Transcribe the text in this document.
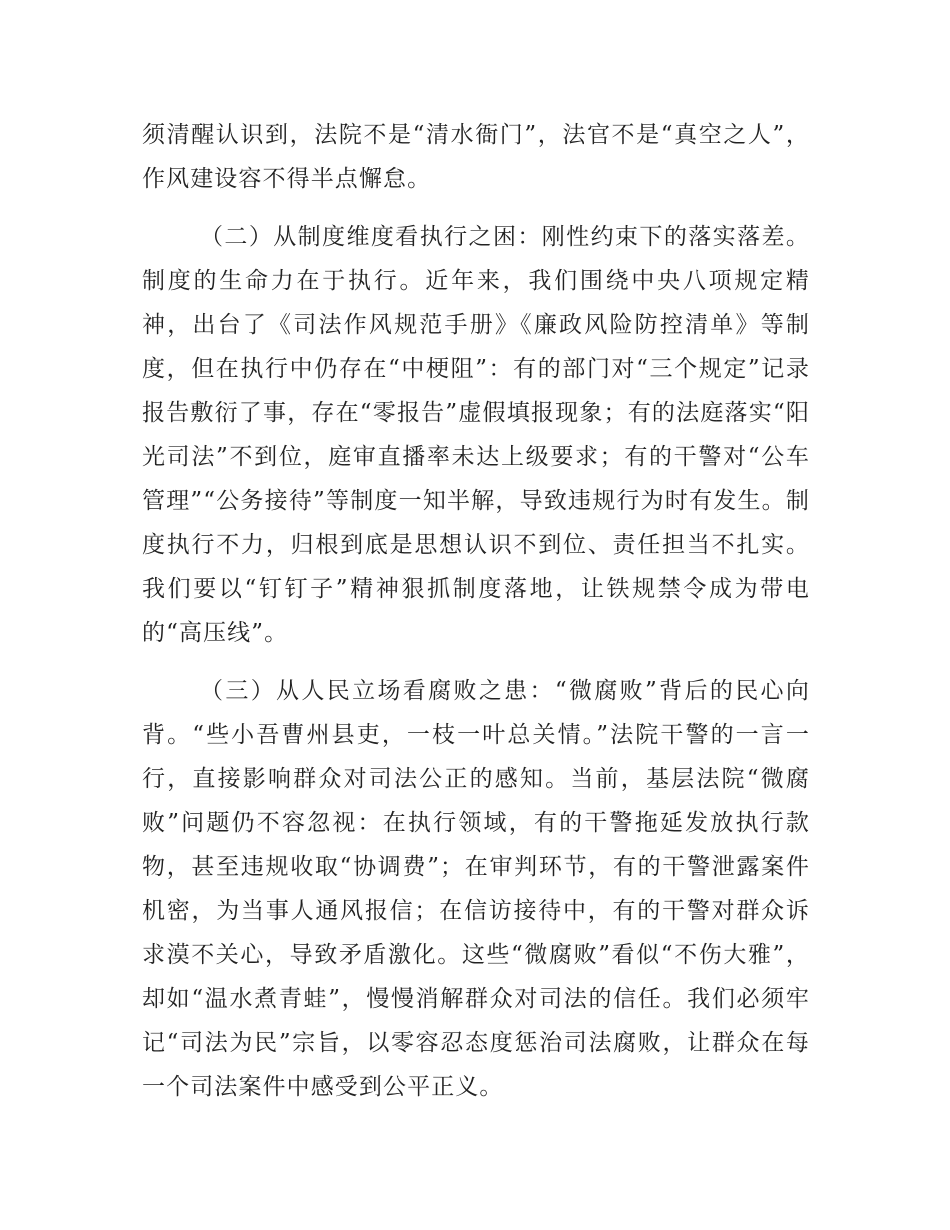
须清醒认识到，法院不是“清水衙门”，法官不是“真空之人”，作风建设容不得半点懈怠。

（二）从制度维度看执行之困：刚性约束下的落实落差。制度的生命力在于执行。近年来，我们围绕中央八项规定精神，出台了《司法作风规范手册》《廉政风险防控清单》等制度，但在执行中仍存在“中梗阻”：有的部门对“三个规定”记录报告敷衍了事，存在“零报告”虚假填报现象；有的法庭落实“阳光司法”不到位，庭审直播率未达上级要求；有的干警对“公车管理”“公务接待”等制度一知半解，导致违规行为时有发生。制度执行不力，归根到底是思想认识不到位、责任担当不扎实。我们要以“钉钉子”精神狠抓制度落地，让铁规禁令成为带电的“高压线”。

（三）从人民立场看腐败之患：“微腐败”背后的民心向背。“些小吾曹州县吏，一枝一叶总关情。”法院干警的一言一行，直接影响群众对司法公正的感知。当前，基层法院“微腐败”问题仍不容忽视：在执行领域，有的干警拖延发放执行款物，甚至违规收取“协调费”；在审判环节，有的干警泄露案件机密，为当事人通风报信；在信访接待中，有的干警对群众诉求漠不关心，导致矛盾激化。这些“微腐败”看似“不伤大雅”，却如“温水煮青蛙”，慢慢消解群众对司法的信任。我们必须牢记“司法为民”宗旨，以零容忍态度惩治司法腐败，让群众在每一个司法案件中感受到公平正义。
